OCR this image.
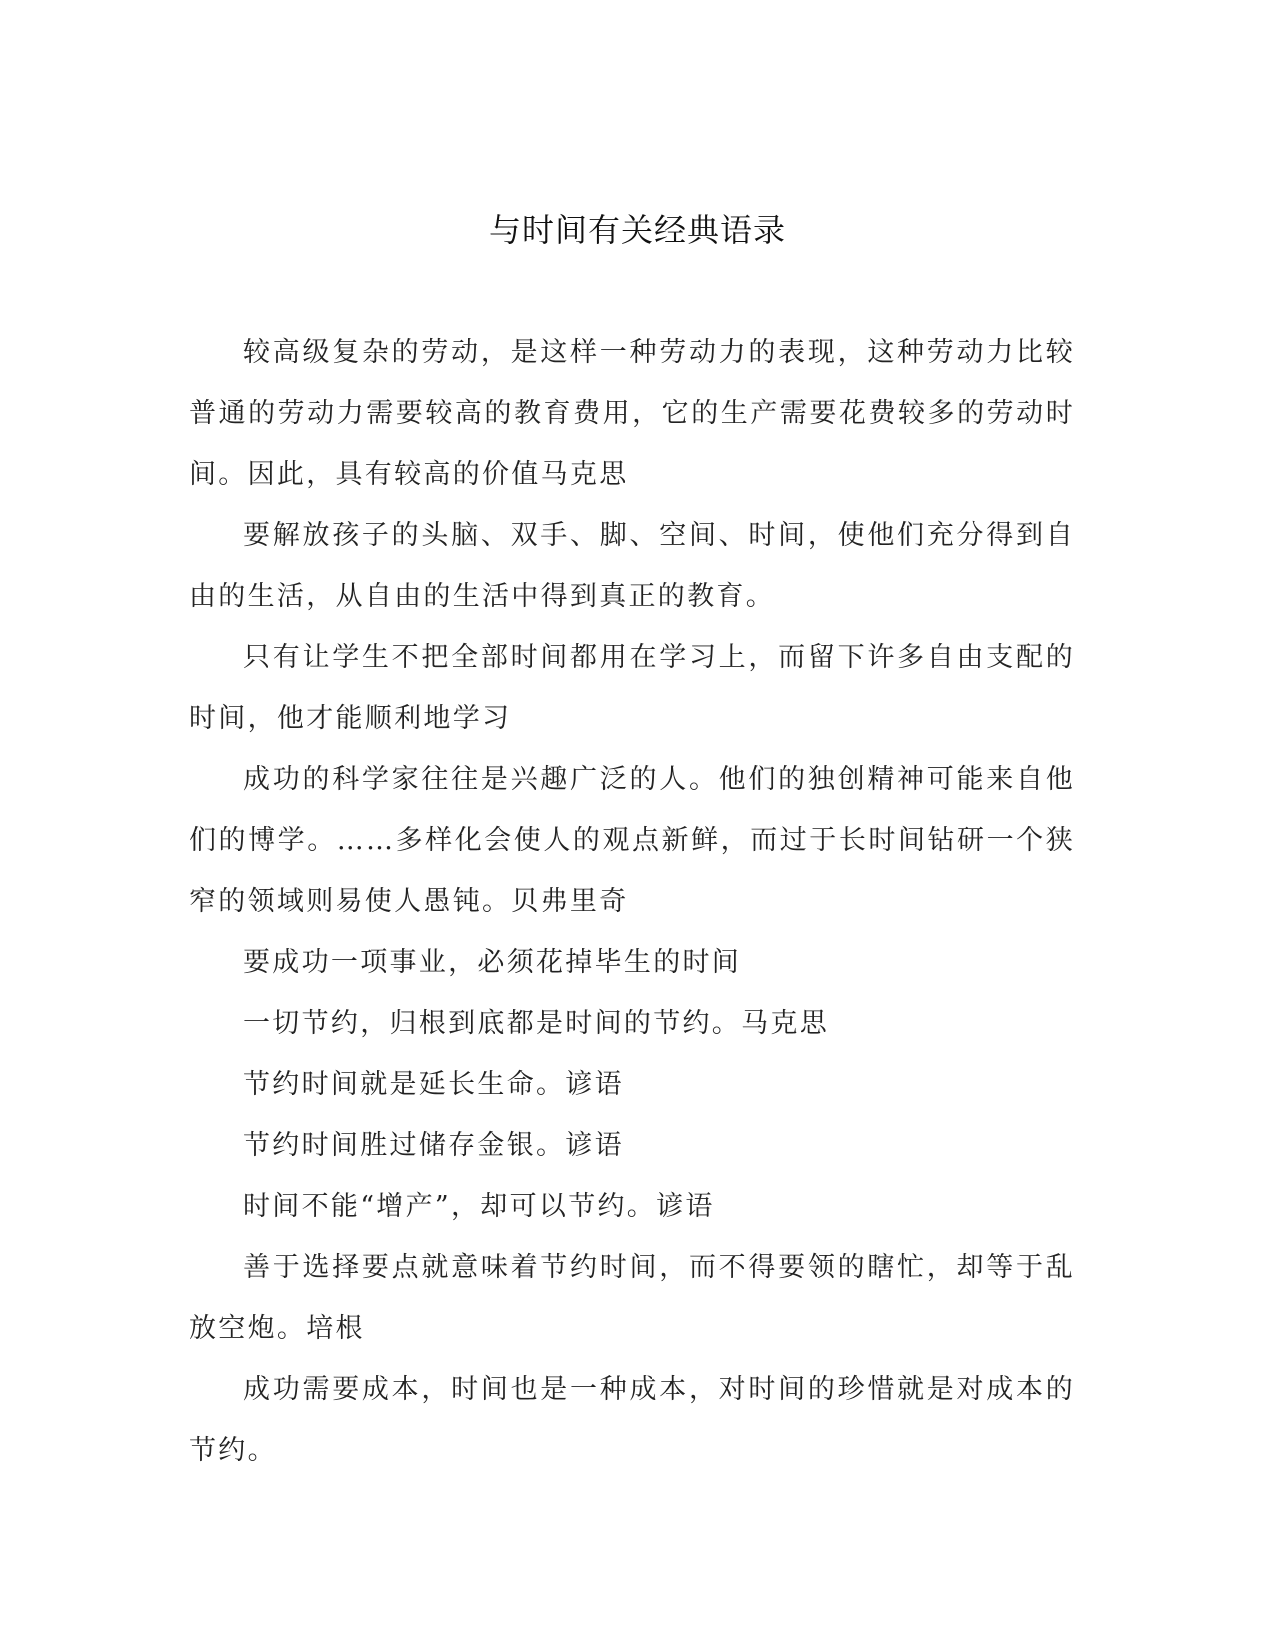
与时间有关经典语录

较高级复杂的劳动，是这样一种劳动力的表现，这种劳动力比较普通的劳动力需要较高的教育费用，它的生产需要花费较多的劳动时间。因此，具有较高的价值马克思

要解放孩子的头脑、双手、脚、空间、时间，使他们充分得到自由的生活，从自由的生活中得到真正的教育。

只有让学生不把全部时间都用在学习上，而留下许多自由支配的时间，他才能顺利地学习

成功的科学家往往是兴趣广泛的人。他们的独创精神可能来自他们的博学。……多样化会使人的观点新鲜，而过于长时间钻研一个狭窄的领域则易使人愚钝。贝弗里奇

要成功一项事业，必须花掉毕生的时间

一切节约，归根到底都是时间的节约。马克思

节约时间就是延长生命。谚语

节约时间胜过储存金银。谚语

时间不能“增产”，却可以节约。谚语

善于选择要点就意味着节约时间，而不得要领的瞎忙，却等于乱放空炮。培根

成功需要成本，时间也是一种成本，对时间的珍惜就是对成本的节约。
